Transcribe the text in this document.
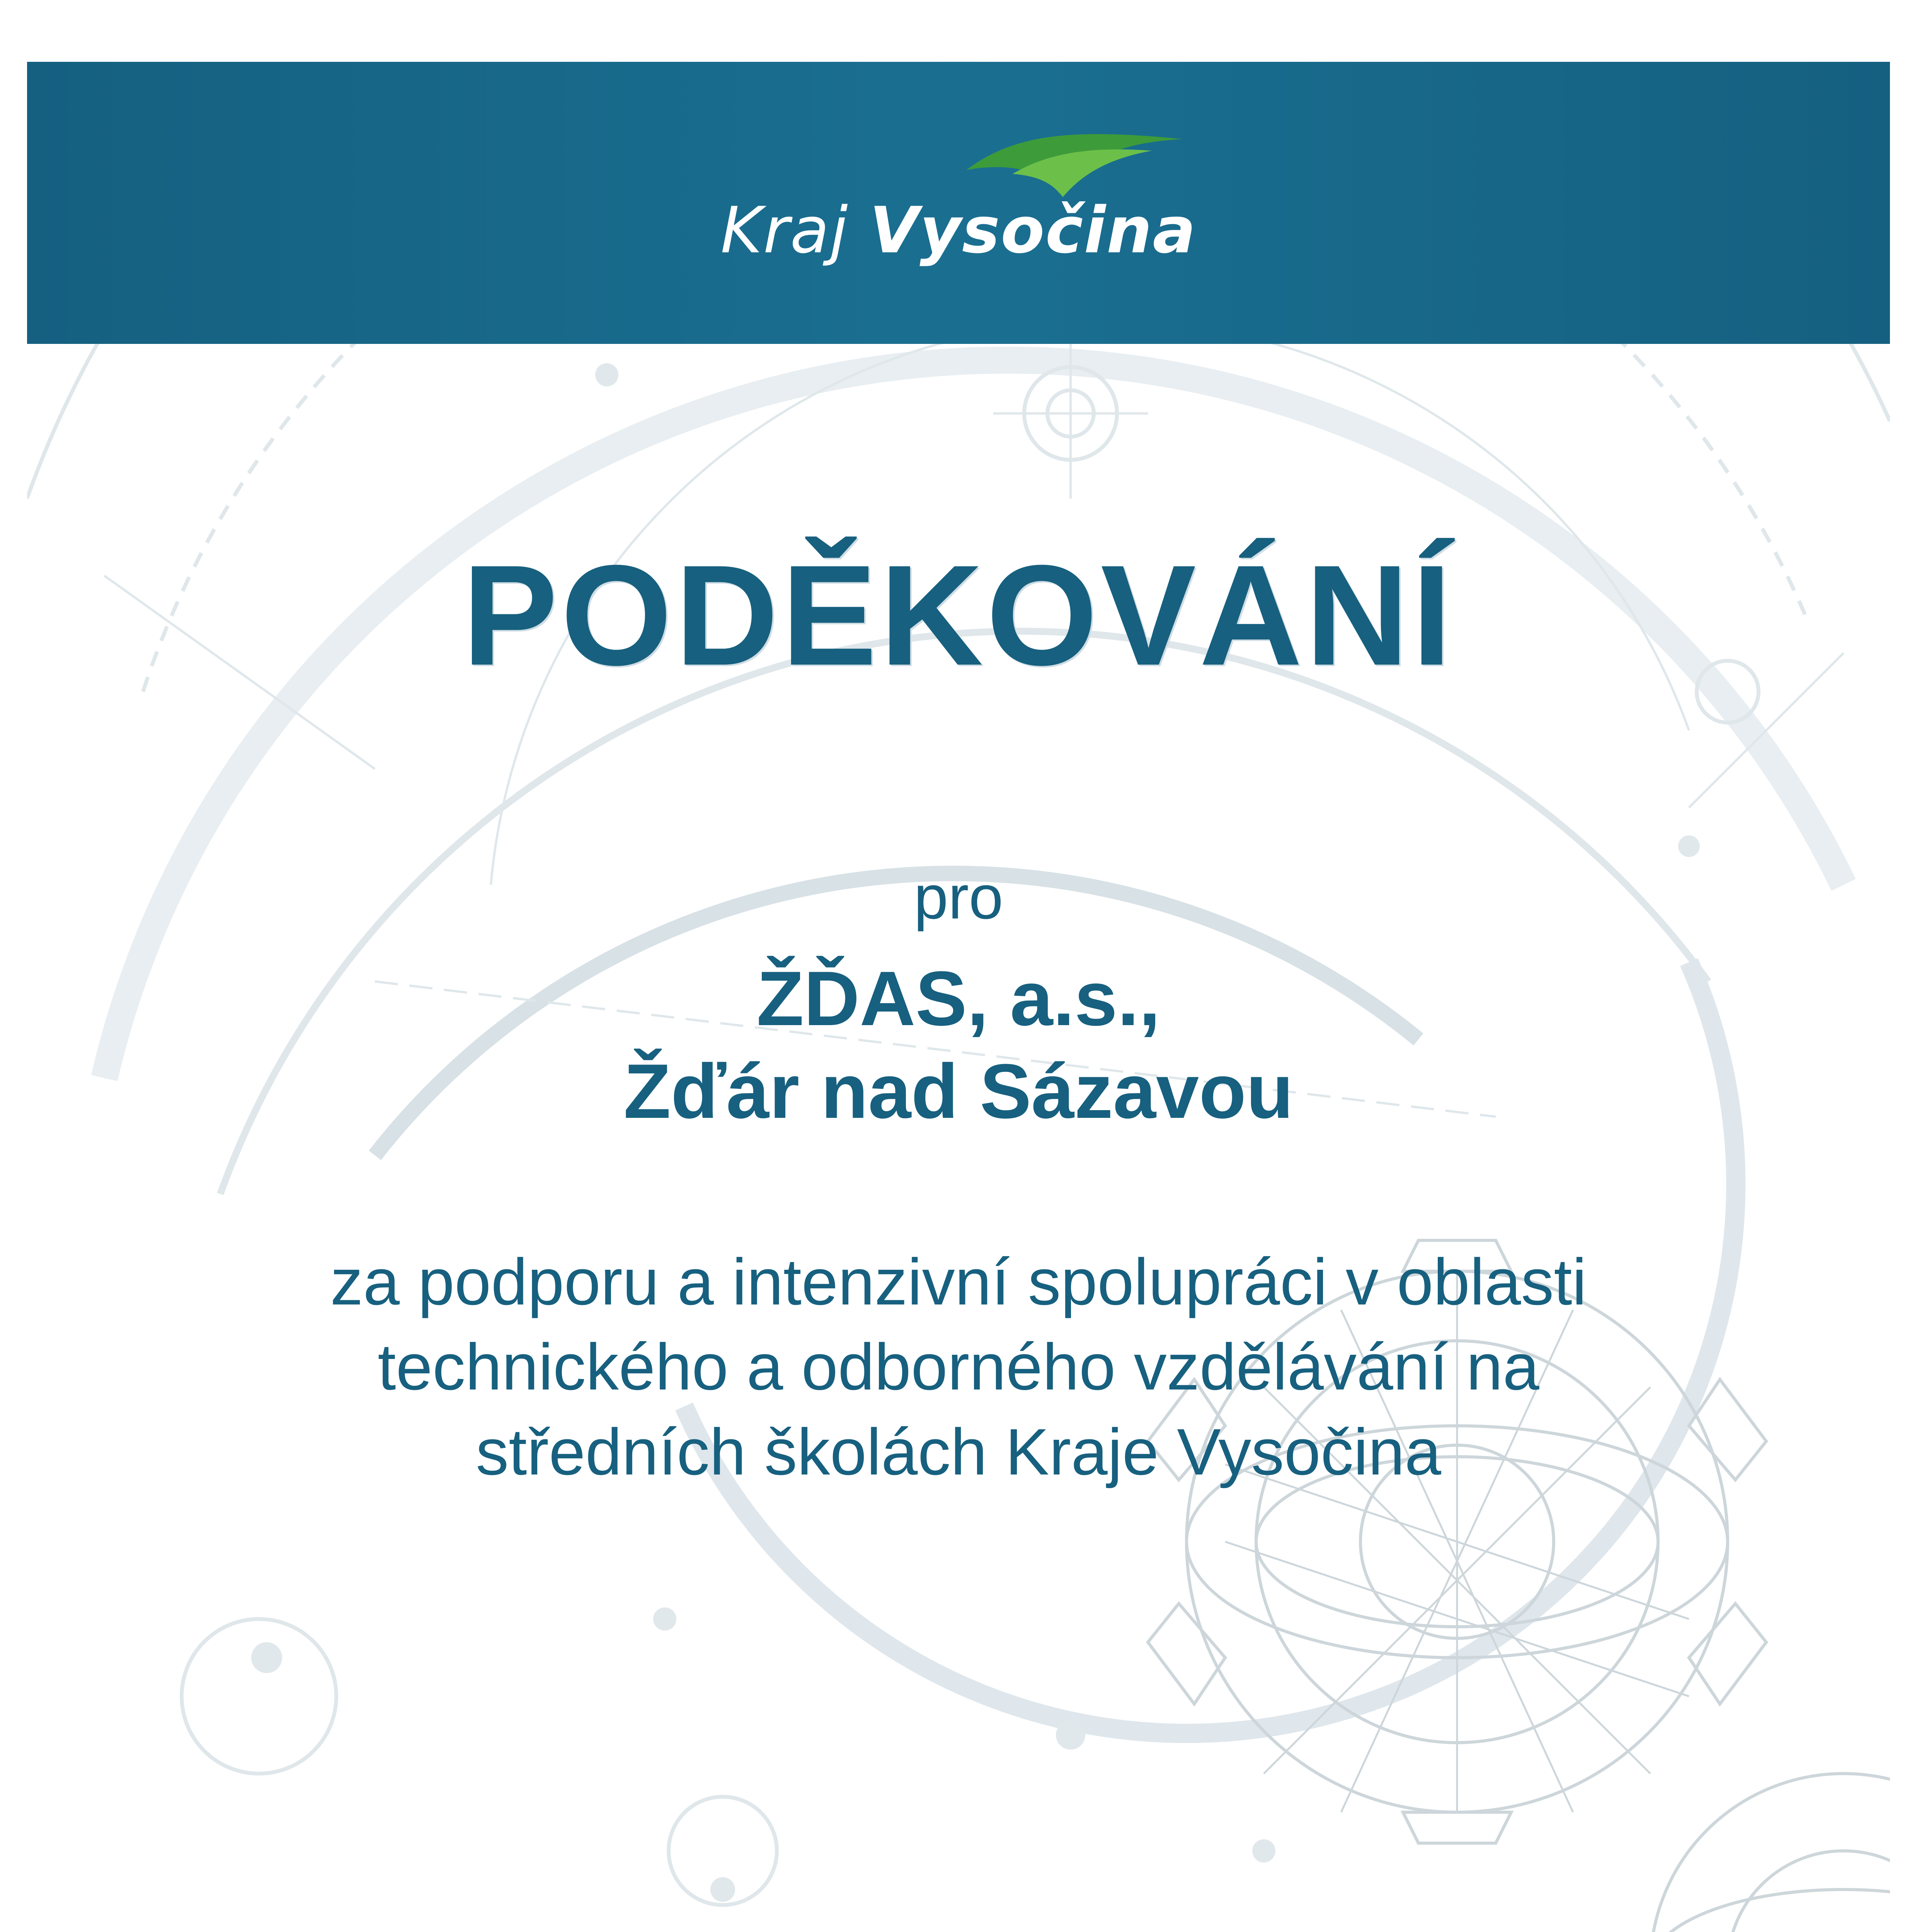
Kraj Vysočina
PODĚKOVÁNÍ
pro
ŽĎAS, a.s.,
Žďár nad Sázavou
za podporu a intenzivní spolupráci v oblasti
technického a odborného vzdělávání na
středních školách Kraje Vysočina
